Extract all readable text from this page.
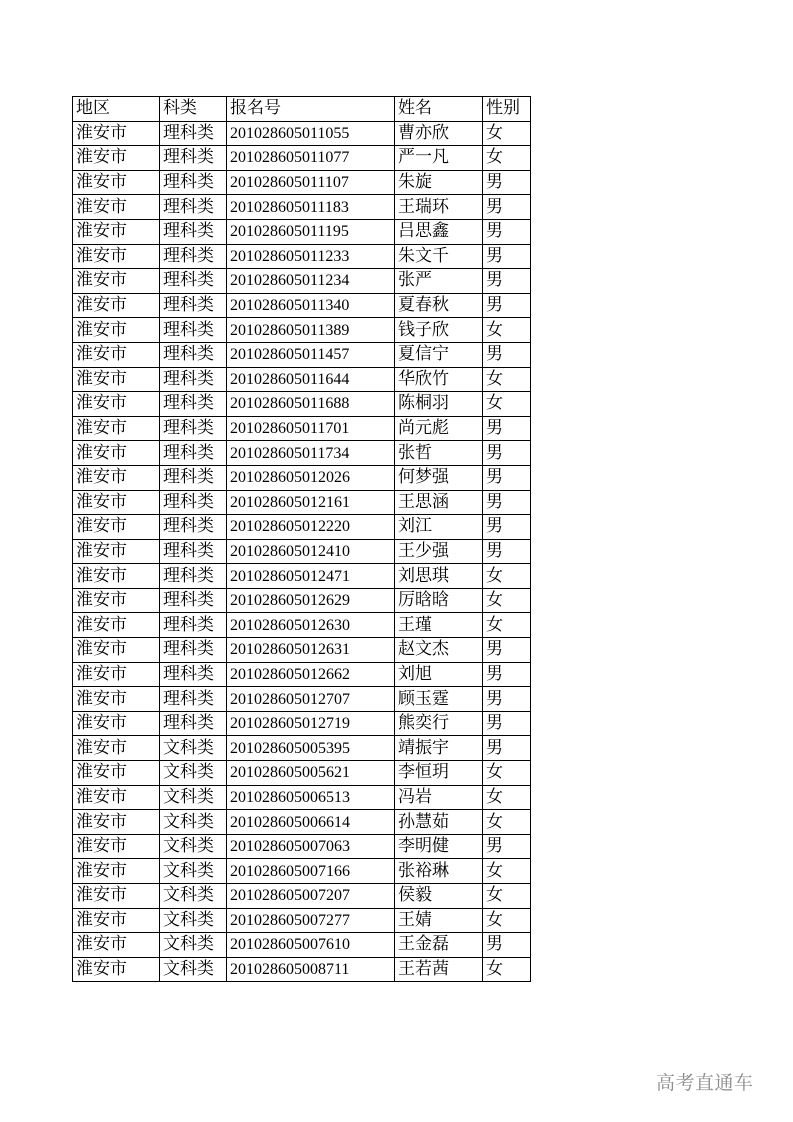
地区	科类	报名号	姓名	性别
淮安市	理科类	201028605011055	曹亦欣	女
淮安市	理科类	201028605011077	严一凡	女
淮安市	理科类	201028605011107	朱旋	男
淮安市	理科类	201028605011183	王瑞环	男
淮安市	理科类	201028605011195	吕思鑫	男
淮安市	理科类	201028605011233	朱文千	男
淮安市	理科类	201028605011234	张严	男
淮安市	理科类	201028605011340	夏春秋	男
淮安市	理科类	201028605011389	钱子欣	女
淮安市	理科类	201028605011457	夏信宁	男
淮安市	理科类	201028605011644	华欣竹	女
淮安市	理科类	201028605011688	陈桐羽	女
淮安市	理科类	201028605011701	尚元彪	男
淮安市	理科类	201028605011734	张哲	男
淮安市	理科类	201028605012026	何梦强	男
淮安市	理科类	201028605012161	王思涵	男
淮安市	理科类	201028605012220	刘江	男
淮安市	理科类	201028605012410	王少强	男
淮安市	理科类	201028605012471	刘思琪	女
淮安市	理科类	201028605012629	厉晗晗	女
淮安市	理科类	201028605012630	王瑾	女
淮安市	理科类	201028605012631	赵文杰	男
淮安市	理科类	201028605012662	刘旭	男
淮安市	理科类	201028605012707	顾玉霆	男
淮安市	理科类	201028605012719	熊奕行	男
淮安市	文科类	201028605005395	靖振宇	男
淮安市	文科类	201028605005621	李恒玥	女
淮安市	文科类	201028605006513	冯岩	女
淮安市	文科类	201028605006614	孙慧茹	女
淮安市	文科类	201028605007063	李明健	男
淮安市	文科类	201028605007166	张裕琳	女
淮安市	文科类	201028605007207	侯毅	女
淮安市	文科类	201028605007277	王婧	女
淮安市	文科类	201028605007610	王金磊	男
淮安市	文科类	201028605008711	王若茜	女
高考直通车
